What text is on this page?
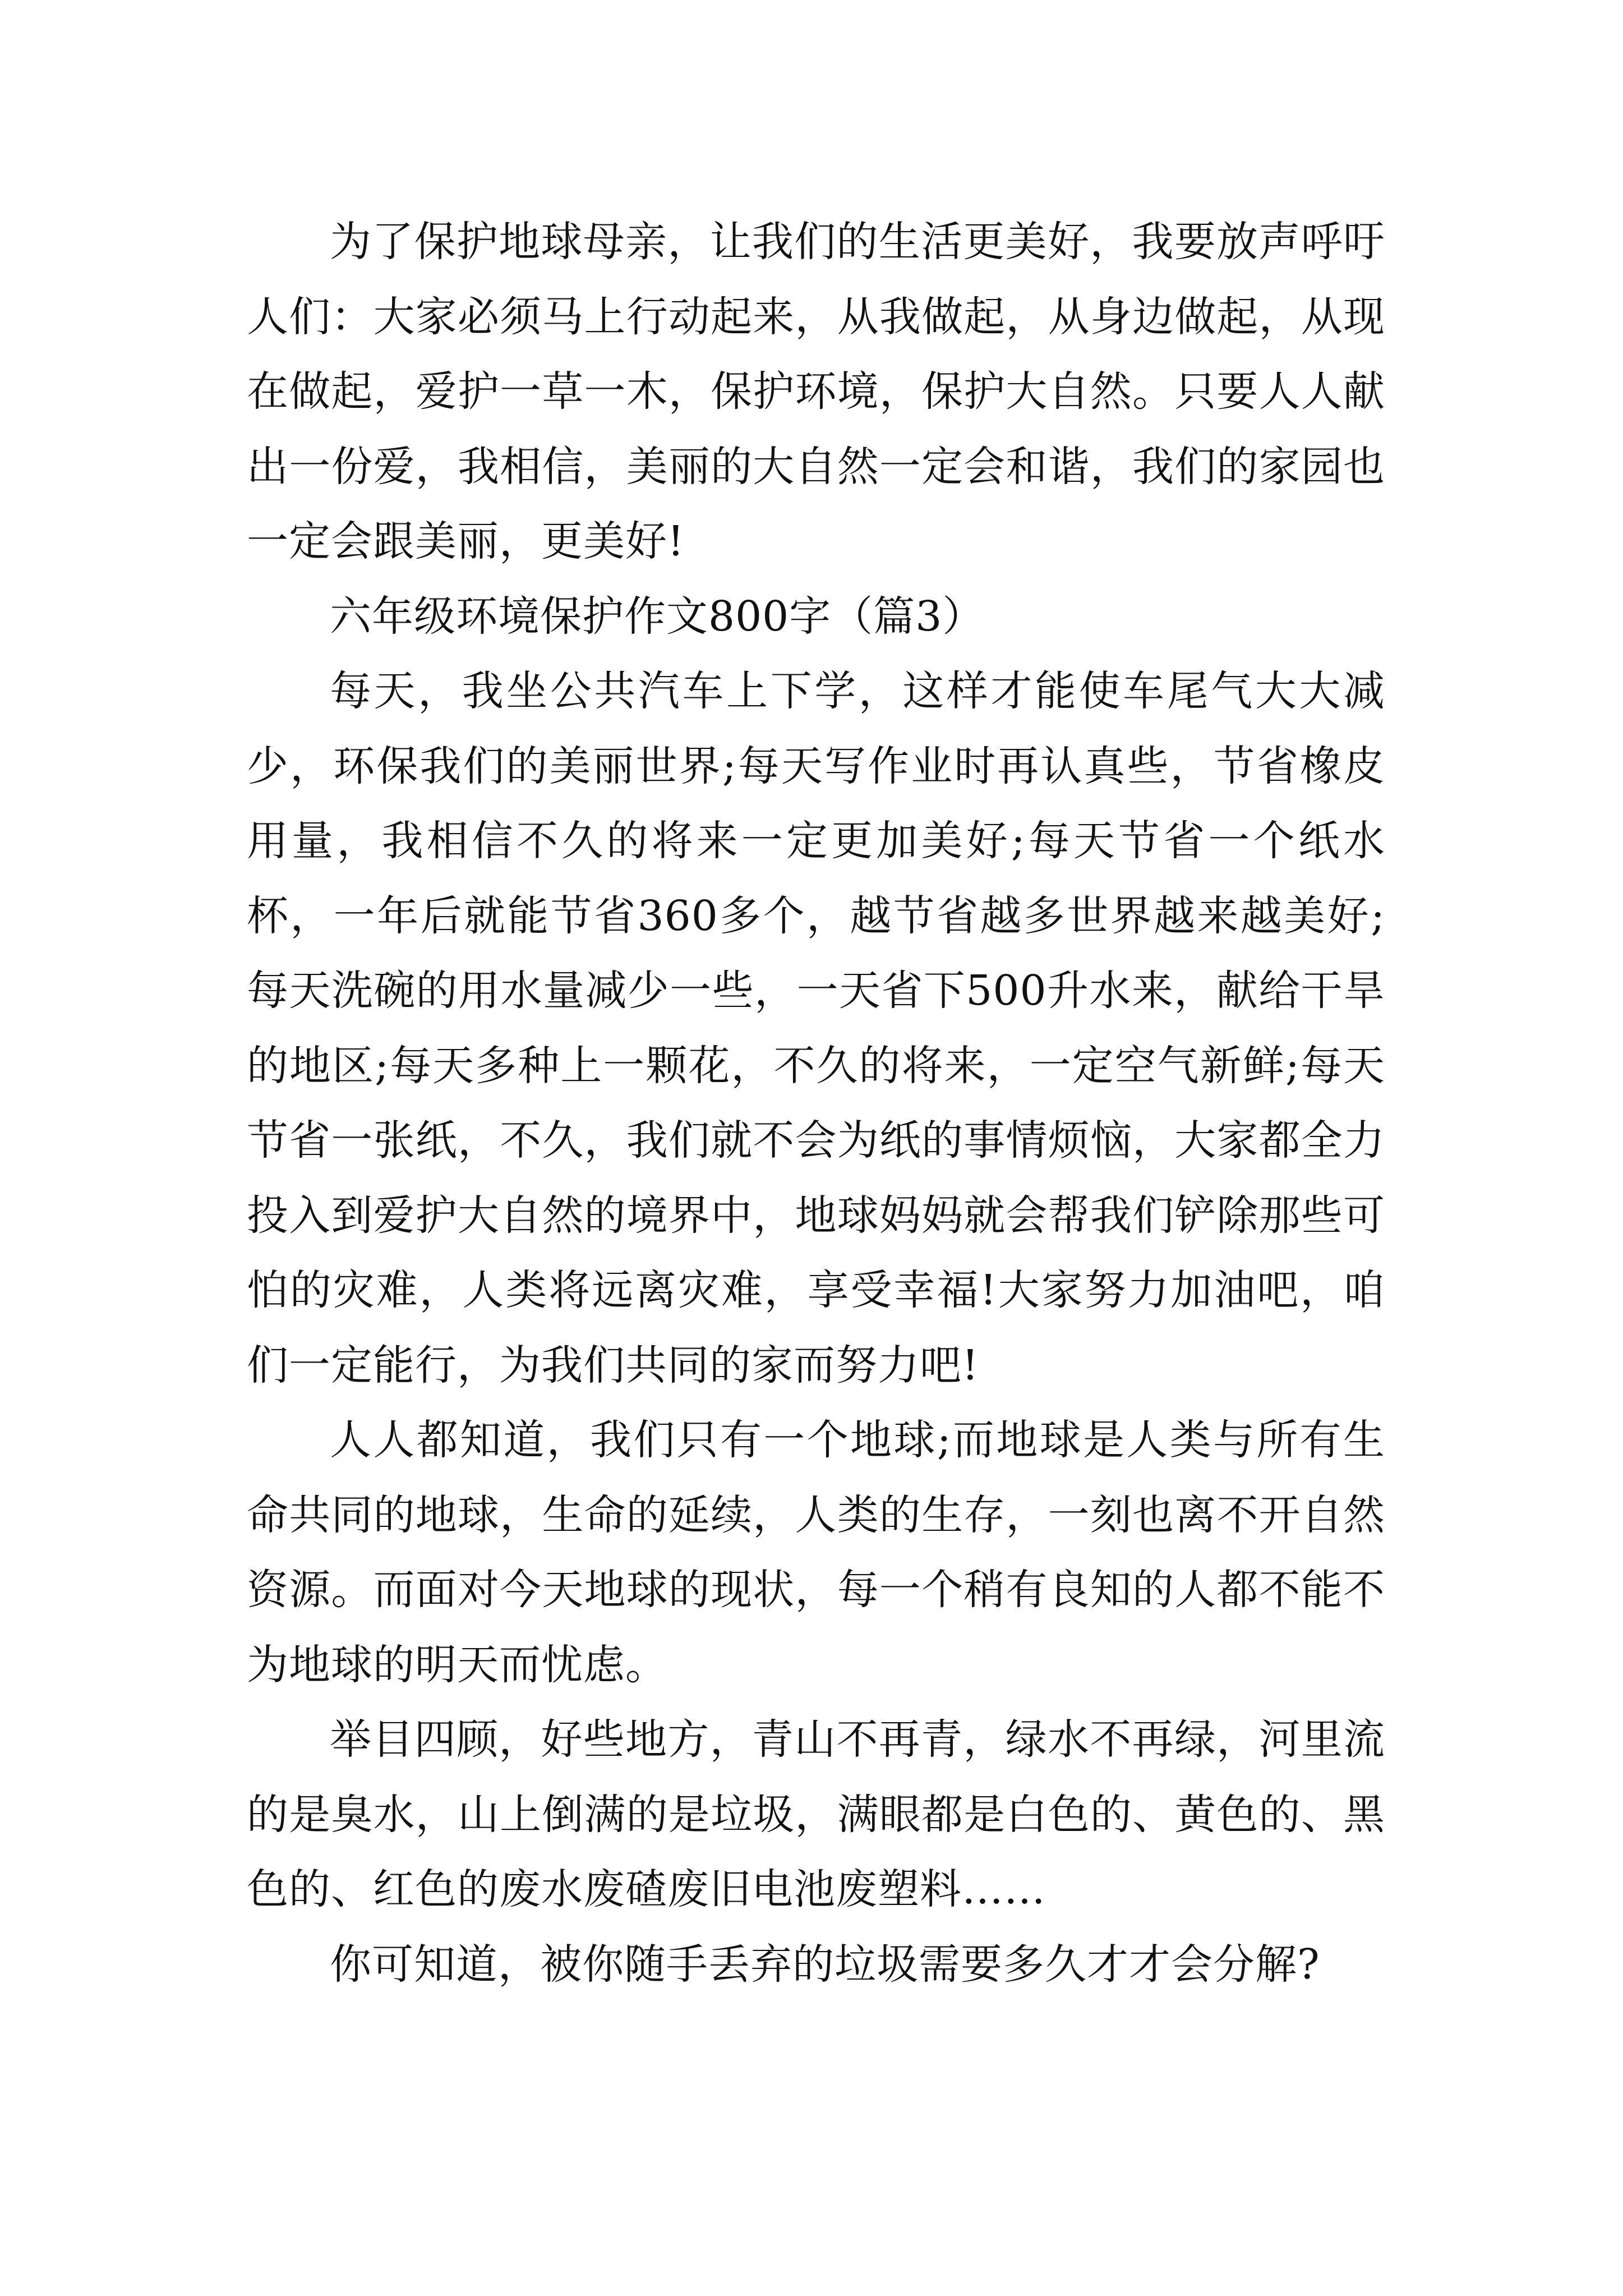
为了保护地球母亲，让我们的生活更美好，我要放声呼吁人们：大家必须马上行动起来，从我做起，从身边做起，从现在做起，爱护一草一木，保护环境，保护大自然。只要人人献出一份爱，我相信，美丽的大自然一定会和谐，我们的家园也一定会跟美丽，更美好!

六年级环境保护作文800字（篇3）

每天，我坐公共汽车上下学，这样才能使车尾气大大减少，环保我们的美丽世界;每天写作业时再认真些，节省橡皮用量，我相信不久的将来一定更加美好;每天节省一个纸水杯，一年后就能节省360多个，越节省越多世界越来越美好;每天洗碗的用水量减少一些，一天省下500升水来，献给干旱的地区;每天多种上一颗花，不久的将来，一定空气新鲜;每天节省一张纸，不久，我们就不会为纸的事情烦恼，大家都全力投入到爱护大自然的境界中，地球妈妈就会帮我们铲除那些可怕的灾难，人类将远离灾难，享受幸福!大家努力加油吧，咱们一定能行，为我们共同的家而努力吧!

人人都知道，我们只有一个地球;而地球是人类与所有生命共同的地球，生命的延续，人类的生存，一刻也离不开自然资源。而面对今天地球的现状，每一个稍有良知的人都不能不为地球的明天而忧虑。

举目四顾，好些地方，青山不再青，绿水不再绿，河里流的是臭水，山上倒满的是垃圾，满眼都是白色的、黄色的、黑色的、红色的废水废碴废旧电池废塑料……

你可知道，被你随手丢弃的垃圾需要多久才才会分解?
